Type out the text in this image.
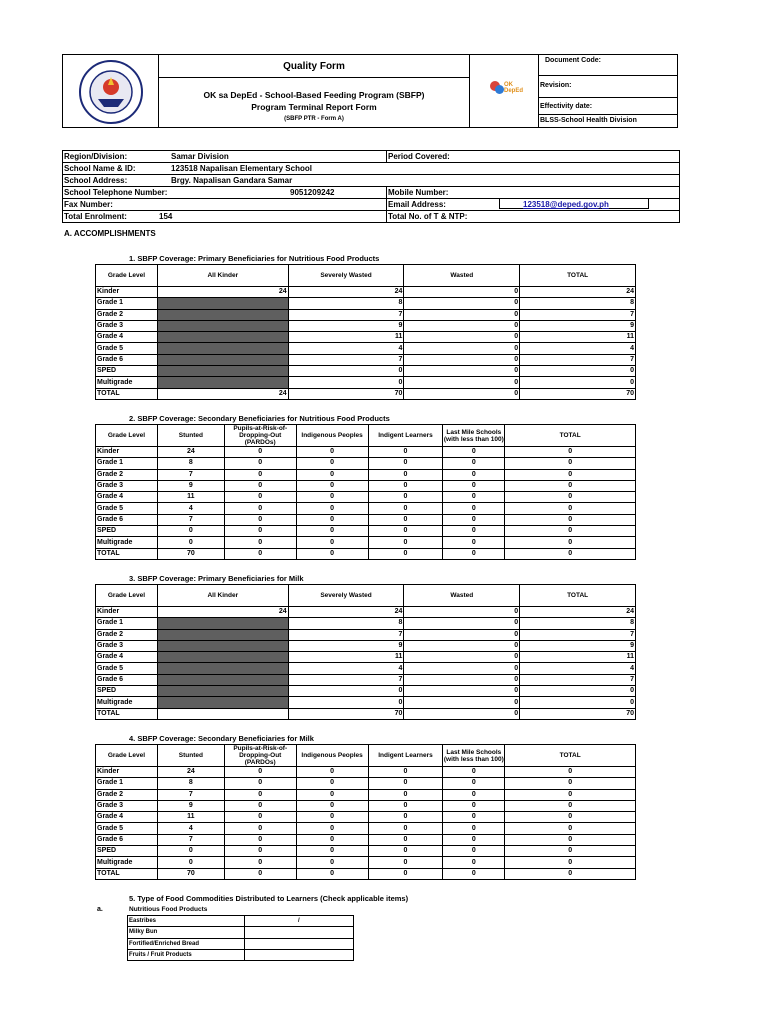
Quality Form
OK sa DepEd - School-Based Feeding Program (SBFP)
Program Terminal Report Form
(SBFP PTR - Form A)
OK DepEd
Document Code:
Revision:
Effectivity date:
BLSS-School Health Division
Region/Division:	Samar Division	Period Covered:
School Name & ID:	123518 Napalisan Elementary School
School Address:	Brgy. Napalisan Gandara Samar
School Telephone Number:	9051209242	Mobile Number:
Fax Number:	Email Address:	123518@deped.gov.ph
Total Enrolment:	154	Total No. of T & NTP:
A. ACCOMPLISHMENTS
1. SBFP Coverage: Primary Beneficiaries for Nutritious Food Products
Grade Level	All Kinder	Severely Wasted	Wasted	TOTAL
Kinder	24	24	0	24
Grade 1		8	0	8
Grade 2		7	0	7
Grade 3		9	0	9
Grade 4		11	0	11
Grade 5		4	0	4
Grade 6		7	0	7
SPED		0	0	0
Multigrade		0	0	0
TOTAL	24	70	0	70
2. SBFP Coverage: Secondary Beneficiaries for Nutritious Food Products
Grade Level	Stunted	Pupils-at-Risk-of-Dropping-Out (PARDOs)	Indigenous Peoples	Indigent Learners	Last Mile Schools (with less than 100)	TOTAL
Kinder	24	0	0	0	0	0
Grade 1	8	0	0	0	0	0
Grade 2	7	0	0	0	0	0
Grade 3	9	0	0	0	0	0
Grade 4	11	0	0	0	0	0
Grade 5	4	0	0	0	0	0
Grade 6	7	0	0	0	0	0
SPED	0	0	0	0	0	0
Multigrade	0	0	0	0	0	0
TOTAL	70	0	0	0	0	0
3. SBFP Coverage: Primary Beneficiaries for Milk
Grade Level	All Kinder	Severely Wasted	Wasted	TOTAL
Kinder	24	24	0	24
Grade 1		8	0	8
Grade 2		7	0	7
Grade 3		9	0	9
Grade 4		11	0	11
Grade 5		4	0	4
Grade 6		7	0	7
SPED		0	0	0
Multigrade		0	0	0
TOTAL		70	0	70
4. SBFP Coverage: Secondary Beneficiaries for Milk
Grade Level	Stunted	Pupils-at-Risk-of-Dropping-Out (PARDOs)	Indigenous Peoples	Indigent Learners	Last Mile Schools (with less than 100)	TOTAL
Kinder	24	0	0	0	0	0
Grade 1	8	0	0	0	0	0
Grade 2	7	0	0	0	0	0
Grade 3	9	0	0	0	0	0
Grade 4	11	0	0	0	0	0
Grade 5	4	0	0	0	0	0
Grade 6	7	0	0	0	0	0
SPED	0	0	0	0	0	0
Multigrade	0	0	0	0	0	0
TOTAL	70	0	0	0	0	0
5. Type of Food Commodities Distributed to Learners (Check applicable items)
a.	Nutritious Food Products
Eastribes	/
Milky Bun	
Fortified/Enriched Bread	
Fruits / Fruit Products	
